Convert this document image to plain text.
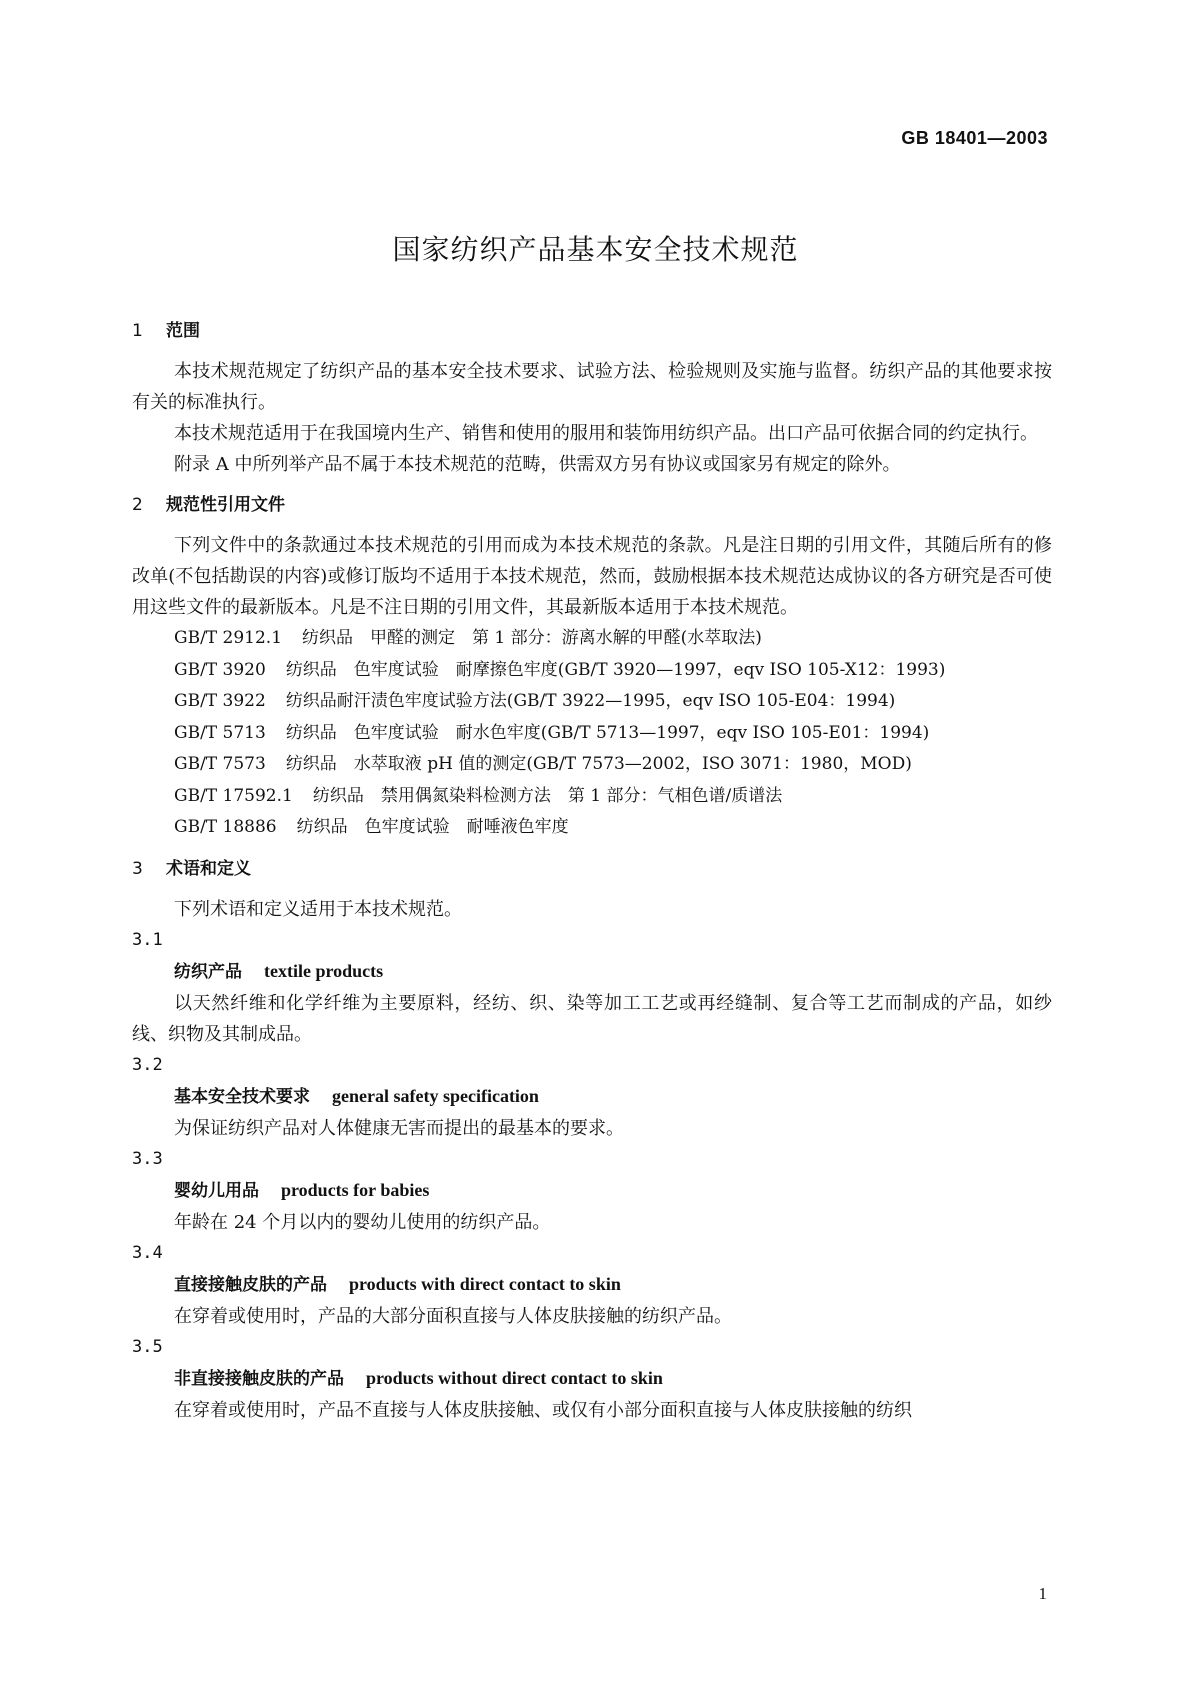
GB 18401—2003
国家纺织产品基本安全技术规范
1 范围

本技术规范规定了纺织产品的基本安全技术要求、试验方法、检验规则及实施与监督。纺织产品的其他要求按有关的标准执行。

本技术规范适用于在我国境内生产、销售和使用的服用和装饰用纺织产品。出口产品可依据合同的约定执行。

附录 A 中所列举产品不属于本技术规范的范畴，供需双方另有协议或国家另有规定的除外。

2 规范性引用文件

下列文件中的条款通过本技术规范的引用而成为本技术规范的条款。凡是注日期的引用文件，其随后所有的修改单(不包括勘误的内容)或修订版均不适用于本技术规范，然而，鼓励根据本技术规范达成协议的各方研究是否可使用这些文件的最新版本。凡是不注日期的引用文件，其最新版本适用于本技术规范。

GB/T 2912.1 纺织品　甲醛的测定　第 1 部分：游离水解的甲醛(水萃取法)

GB/T 3920 纺织品　色牢度试验　耐摩擦色牢度(GB/T 3920—1997，eqv ISO 105-X12：1993)

GB/T 3922 纺织品耐汗渍色牢度试验方法(GB/T 3922—1995，eqv ISO 105-E04：1994)

GB/T 5713 纺织品　色牢度试验　耐水色牢度(GB/T 5713—1997，eqv ISO 105-E01：1994)

GB/T 7573 纺织品　水萃取液 pH 值的测定(GB/T 7573—2002，ISO 3071：1980，MOD)

GB/T 17592.1 纺织品　禁用偶氮染料检测方法　第 1 部分：气相色谱/质谱法

GB/T 18886 纺织品　色牢度试验　耐唾液色牢度

3 术语和定义

下列术语和定义适用于本技术规范。

3.1

纺织产品 textile products

以天然纤维和化学纤维为主要原料，经纺、织、染等加工工艺或再经缝制、复合等工艺而制成的产品，如纱线、织物及其制成品。

3.2

基本安全技术要求 general safety specification

为保证纺织产品对人体健康无害而提出的最基本的要求。

3.3

婴幼儿用品 products for babies

年龄在 24 个月以内的婴幼儿使用的纺织产品。

3.4

直接接触皮肤的产品 products with direct contact to skin

在穿着或使用时，产品的大部分面积直接与人体皮肤接触的纺织产品。

3.5

非直接接触皮肤的产品 products without direct contact to skin

在穿着或使用时，产品不直接与人体皮肤接触、或仅有小部分面积直接与人体皮肤接触的纺织

1
